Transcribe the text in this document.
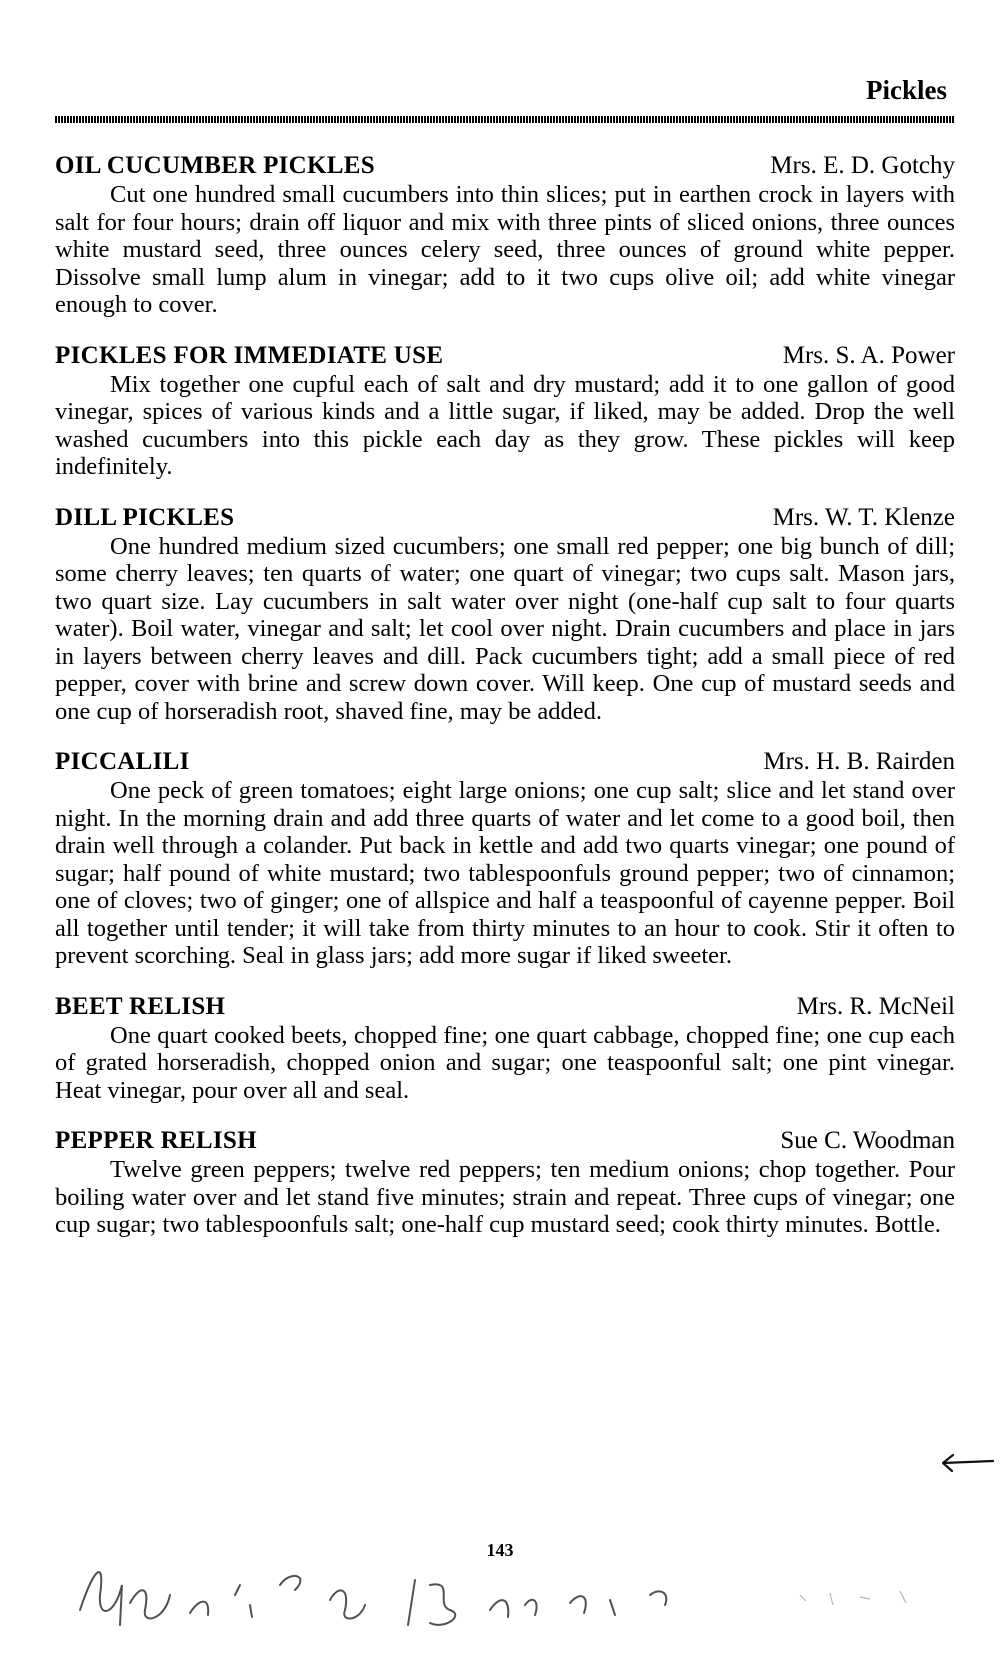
Pickles
OIL CUCUMBER PICKLES	Mrs. E. D. Gotchy

Cut one hundred small cucumbers into thin slices; put in earthen crock in layers with salt for four hours; drain off liquor and mix with three pints of sliced onions, three ounces white mustard seed, three ounces celery seed, three ounces of ground white pepper. Dissolve small lump alum in vinegar; add to it two cups olive oil; add white vinegar enough to cover.

PICKLES FOR IMMEDIATE USE	Mrs. S. A. Power

Mix together one cupful each of salt and dry mustard; add it to one gallon of good vinegar, spices of various kinds and a little sugar, if liked, may be added. Drop the well washed cucumbers into this pickle each day as they grow. These pickles will keep indefinitely.

DILL PICKLES	Mrs. W. T. Klenze

One hundred medium sized cucumbers; one small red pepper; one big bunch of dill; some cherry leaves; ten quarts of water; one quart of vinegar; two cups salt. Mason jars, two quart size. Lay cucumbers in salt water over night (one-half cup salt to four quarts water). Boil water, vinegar and salt; let cool over night. Drain cucumbers and place in jars in layers between cherry leaves and dill. Pack cucumbers tight; add a small piece of red pepper, cover with brine and screw down cover. Will keep. One cup of mustard seeds and one cup of horseradish root, shaved fine, may be added.

PICCALILI	Mrs. H. B. Rairden

One peck of green tomatoes; eight large onions; one cup salt; slice and let stand over night. In the morning drain and add three quarts of water and let come to a good boil, then drain well through a colander. Put back in kettle and add two quarts vinegar; one pound of sugar; half pound of white mustard; two tablespoonfuls ground pepper; two of cinnamon; one of cloves; two of ginger; one of allspice and half a teaspoonful of cayenne pepper. Boil all together until tender; it will take from thirty minutes to an hour to cook. Stir it often to prevent scorching. Seal in glass jars; add more sugar if liked sweeter.

BEET RELISH	Mrs. R. McNeil

One quart cooked beets, chopped fine; one quart cabbage, chopped fine; one cup each of grated horseradish, chopped onion and sugar; one teaspoonful salt; one pint vinegar. Heat vinegar, pour over all and seal.

PEPPER RELISH	Sue C. Woodman

Twelve green peppers; twelve red peppers; ten medium onions; chop together. Pour boiling water over and let stand five minutes; strain and repeat. Three cups of vinegar; one cup sugar; two tablespoonfuls salt; one-half cup mustard seed; cook thirty minutes. Bottle.

143
